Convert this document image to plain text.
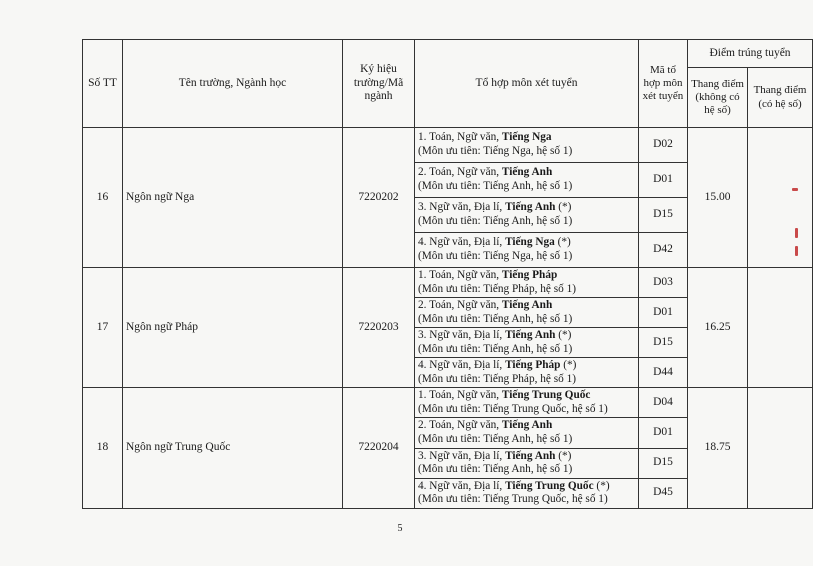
Số TT	Tên trường, Ngành học	Ký hiệu trường/Mã ngành	Tổ hợp môn xét tuyển	Mã tổ hợp môn xét tuyển	Điểm trúng tuyển	
					Thang điểm (không có hệ số)	Thang điểm (có hệ số)
16	Ngôn ngữ Nga	7220202	1. Toán, Ngữ văn, Tiếng Nga
(Môn ưu tiên: Tiếng Nga, hệ số 1)	D02	15.00	
			2. Toán, Ngữ văn, Tiếng Anh
(Môn ưu tiên: Tiếng Anh, hệ số 1)	D01		
			3. Ngữ văn, Địa lí, Tiếng Anh (*)
(Môn ưu tiên: Tiếng Anh, hệ số 1)	D15		
			4. Ngữ văn, Địa lí, Tiếng Nga (*)
(Môn ưu tiên: Tiếng Nga, hệ số 1)	D42		
17	Ngôn ngữ Pháp	7220203	1. Toán, Ngữ văn, Tiếng Pháp
(Môn ưu tiên: Tiếng Pháp, hệ số 1)	D03	16.25	
			2. Toán, Ngữ văn, Tiếng Anh
(Môn ưu tiên: Tiếng Anh, hệ số 1)	D01		
			3. Ngữ văn, Địa lí, Tiếng Anh (*)
(Môn ưu tiên: Tiếng Anh, hệ số 1)	D15		
			4. Ngữ văn, Địa lí, Tiếng Pháp (*)
(Môn ưu tiên: Tiếng Pháp, hệ số 1)	D44		
18	Ngôn ngữ Trung Quốc	7220204	1. Toán, Ngữ văn, Tiếng Trung Quốc
(Môn ưu tiên: Tiếng Trung Quốc, hệ số 1)	D04	18.75	
			2. Toán, Ngữ văn, Tiếng Anh
(Môn ưu tiên: Tiếng Anh, hệ số 1)	D01		
			3. Ngữ văn, Địa lí, Tiếng Anh (*)
(Môn ưu tiên: Tiếng Anh, hệ số 1)	D15		
			4. Ngữ văn, Địa lí, Tiếng Trung Quốc (*)
(Môn ưu tiên: Tiếng Trung Quốc, hệ số 1)	D45		
5
